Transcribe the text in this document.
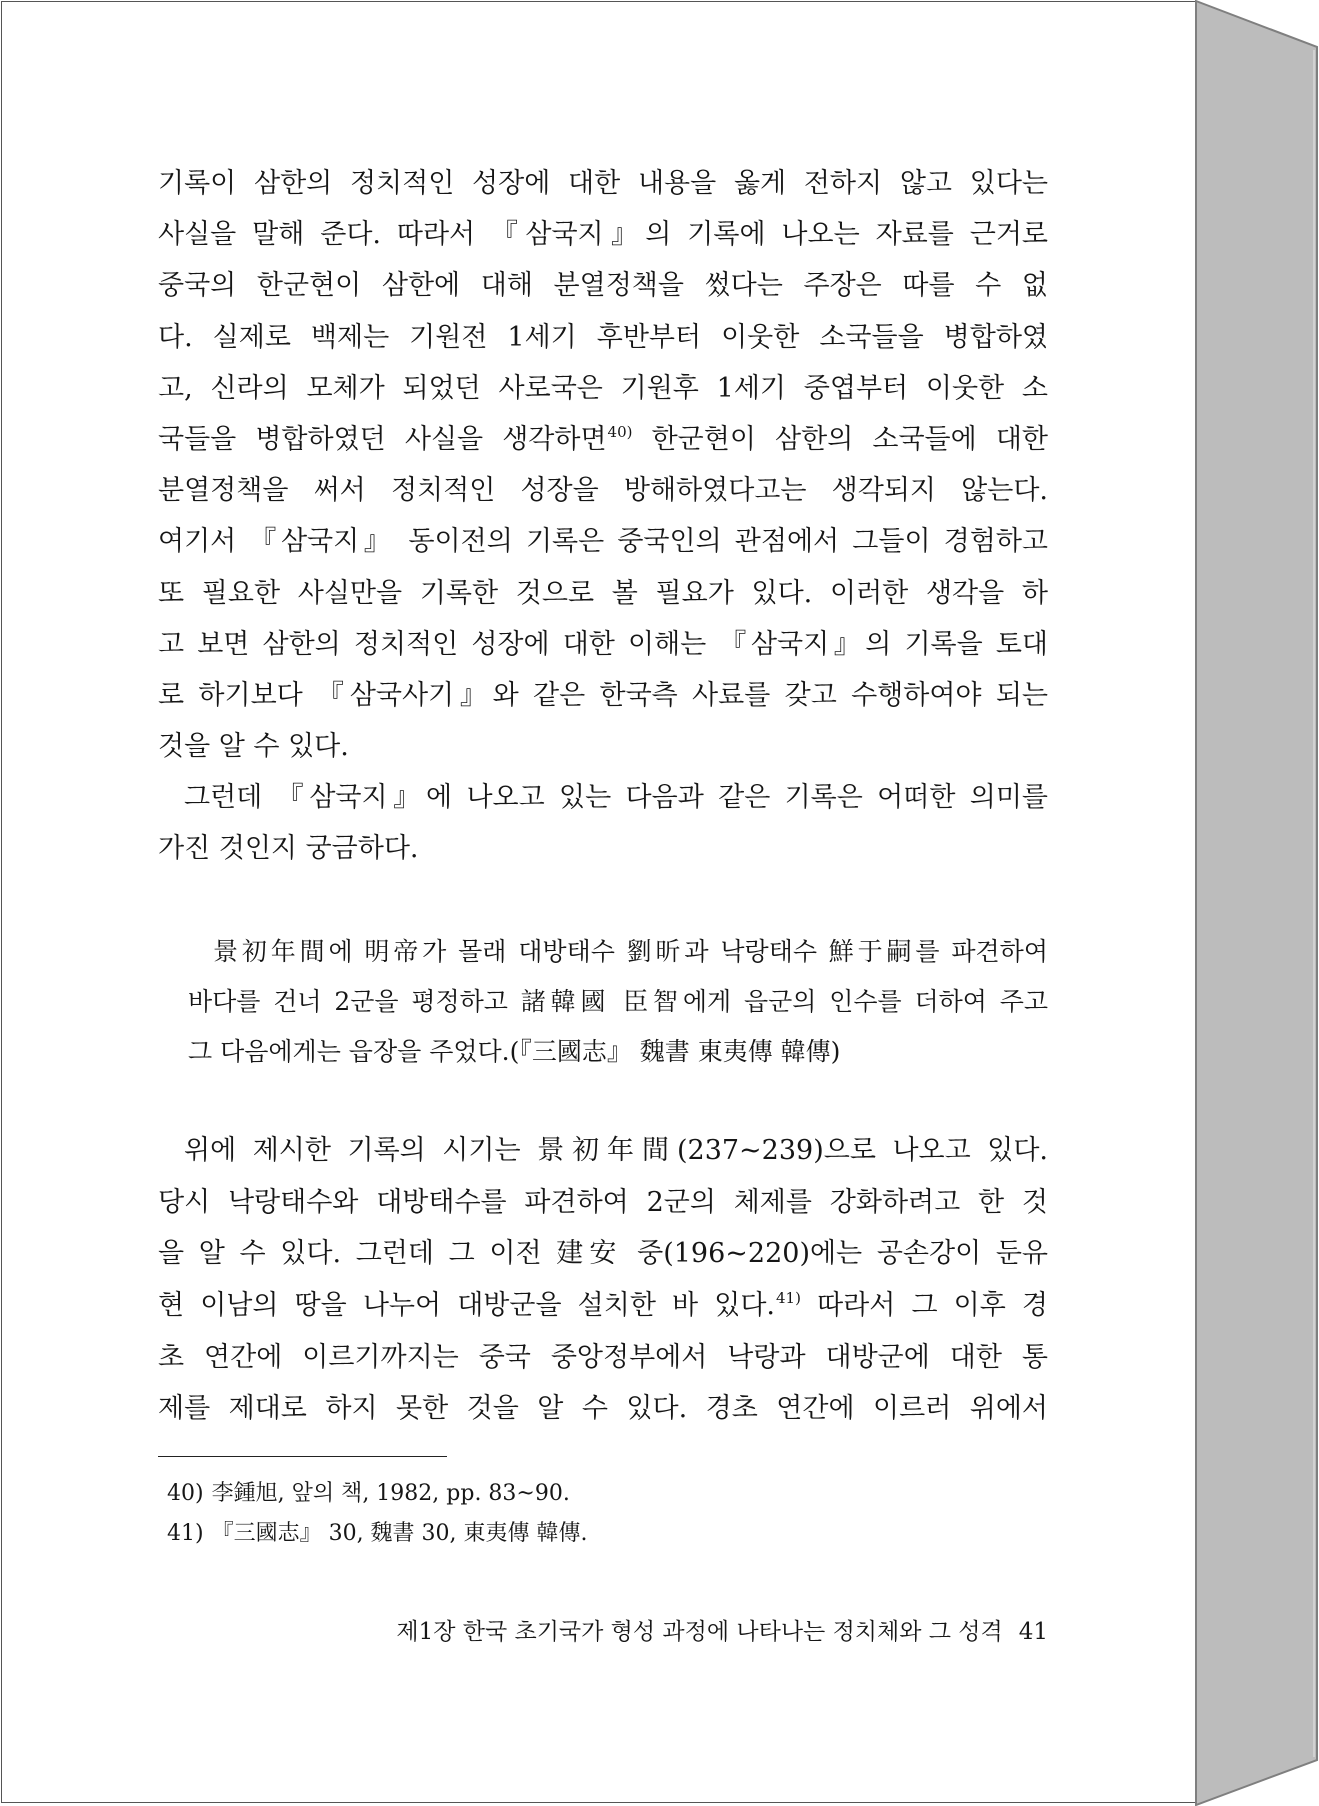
기록이 삼한의 정치적인 성장에 대한 내용을 옳게 전하지 않고 있다는
사실을 말해 준다. 따라서 『삼국지』의 기록에 나오는 자료를 근거로
중국의 한군현이 삼한에 대해 분열정책을 썼다는 주장은 따를 수 없
다. 실제로 백제는 기원전 1세기 후반부터 이웃한 소국들을 병합하였
고, 신라의 모체가 되었던 사로국은 기원후 1세기 중엽부터 이웃한 소
국들을 병합하였던 사실을 생각하면$^{40)}$ 한군현이 삼한의 소국들에 대한
분열정책을 써서 정치적인 성장을 방해하였다고는 생각되지 않는다.
여기서 『삼국지』 동이전의 기록은 중국인의 관점에서 그들이 경험하고
또 필요한 사실만을 기록한 것으로 볼 필요가 있다. 이러한 생각을 하
고 보면 삼한의 정치적인 성장에 대한 이해는 『삼국지』의 기록을 토대
로 하기보다 『삼국사기』와 같은 한국측 사료를 갖고 수행하여야 되는
것을 알 수 있다.
그런데 『삼국지』에 나오고 있는 다음과 같은 기록은 어떠한 의미를
가진 것인지 궁금하다.
景初年間에 明帝가 몰래 대방태수 劉昕과 낙랑태수 鮮于嗣를 파견하여
바다를 건너 2군을 평정하고 諸韓國 臣智에게 읍군의 인수를 더하여 주고
그 다음에게는 읍장을 주었다.(『三國志』 魏書 東夷傳 韓傳)
위에 제시한 기록의 시기는 景初年間(237~239)으로 나오고 있다.
당시 낙랑태수와 대방태수를 파견하여 2군의 체제를 강화하려고 한 것
을 알 수 있다. 그런데 그 이전 建安 중(196~220)에는 공손강이 둔유
현 이남의 땅을 나누어 대방군을 설치한 바 있다.$^{41)}$ 따라서 그 이후 경
초 연간에 이르기까지는 중국 중앙정부에서 낙랑과 대방군에 대한 통
제를 제대로 하지 못한 것을 알 수 있다. 경초 연간에 이르러 위에서
40) 李鍾旭, 앞의 책, 1982, pp. 83~90.
41) 『三國志』 30, 魏書 30, 東夷傳 韓傳.
제1장 한국 초기국가 형성 과정에 나타나는 정치체와 그 성격 41
